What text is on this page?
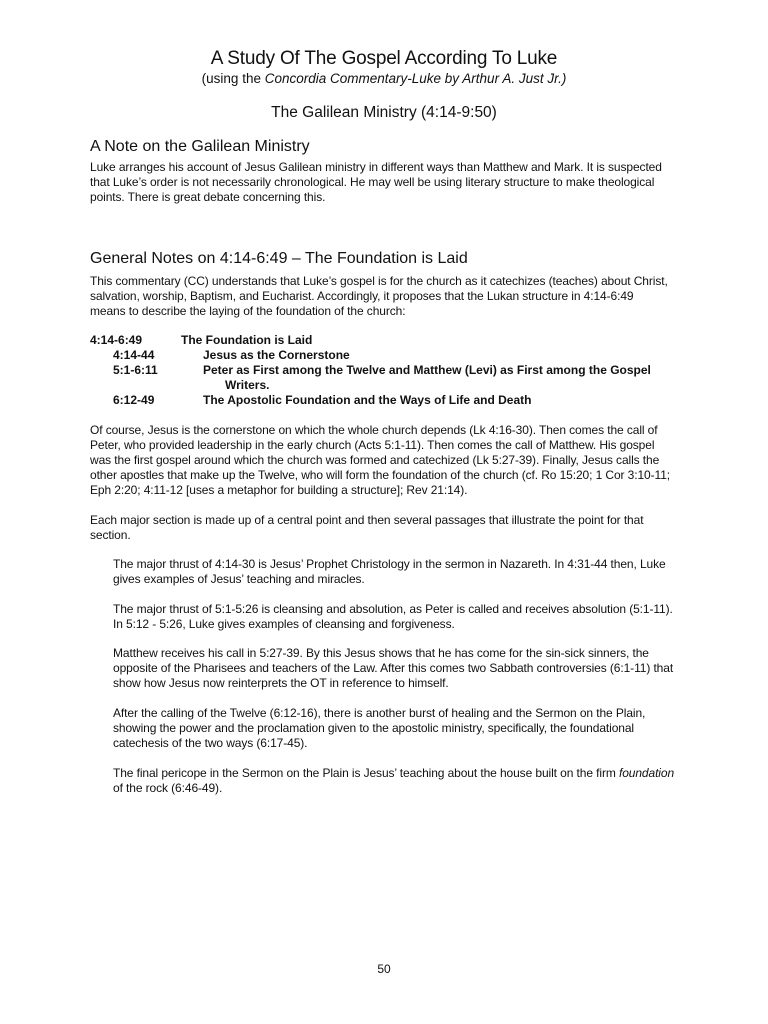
A Study Of The Gospel According To Luke

(using the Concordia Commentary-Luke by Arthur A. Just Jr.)

The Galilean Ministry (4:14-9:50)
A Note on the Galilean Ministry

Luke arranges his account of Jesus Galilean ministry in different ways than Matthew and Mark. It is suspected that Luke’s order is not necessarily chronological. He may well be using literary structure to make theological points. There is great debate concerning this.

General Notes on 4:14-6:49 – The Foundation is Laid

This commentary (CC) understands that Luke’s gospel is for the church as it catechizes (teaches) about Christ, salvation, worship, Baptism, and Eucharist. Accordingly, it proposes that the Lukan structure in 4:14-6:49 means to describe the laying of the foundation of the church:

4:14-6:49	The Foundation is Laid
4:14-44	Jesus as the Cornerstone
5:1-6:11	Peter as First among the Twelve and Matthew (Levi) as First among the Gospel
Writers.
6:12-49	The Apostolic Foundation and the Ways of Life and Death

Of course, Jesus is the cornerstone on which the whole church depends (Lk 4:16-30). Then comes the call of Peter, who provided leadership in the early church (Acts 5:1-11). Then comes the call of Matthew. His gospel was the first gospel around which the church was formed and catechized (Lk 5:27-39). Finally, Jesus calls the other apostles that make up the Twelve, who will form the foundation of the church (cf. Ro 15:20; 1 Cor 3:10-11; Eph 2:20; 4:11-12 [uses a metaphor for building a structure]; Rev 21:14).

Each major section is made up of a central point and then several passages that illustrate the point for that section.

The major thrust of 4:14-30 is Jesus’ Prophet Christology in the sermon in Nazareth. In 4:31-44 then, Luke gives examples of Jesus’ teaching and miracles.

The major thrust of 5:1-5:26 is cleansing and absolution, as Peter is called and receives absolution (5:1-11). In 5:12 - 5:26, Luke gives examples of cleansing and forgiveness.

Matthew receives his call in 5:27-39. By this Jesus shows that he has come for the sin-sick sinners, the opposite of the Pharisees and teachers of the Law. After this comes two Sabbath controversies (6:1-11) that show how Jesus now reinterprets the OT in reference to himself.

After the calling of the Twelve (6:12-16), there is another burst of healing and the Sermon on the Plain, showing the power and the proclamation given to the apostolic ministry, specifically, the foundational catechesis of the two ways (6:17-45).

The final pericope in the Sermon on the Plain is Jesus’ teaching about the house built on the firm foundation of the rock (6:46-49).

50
